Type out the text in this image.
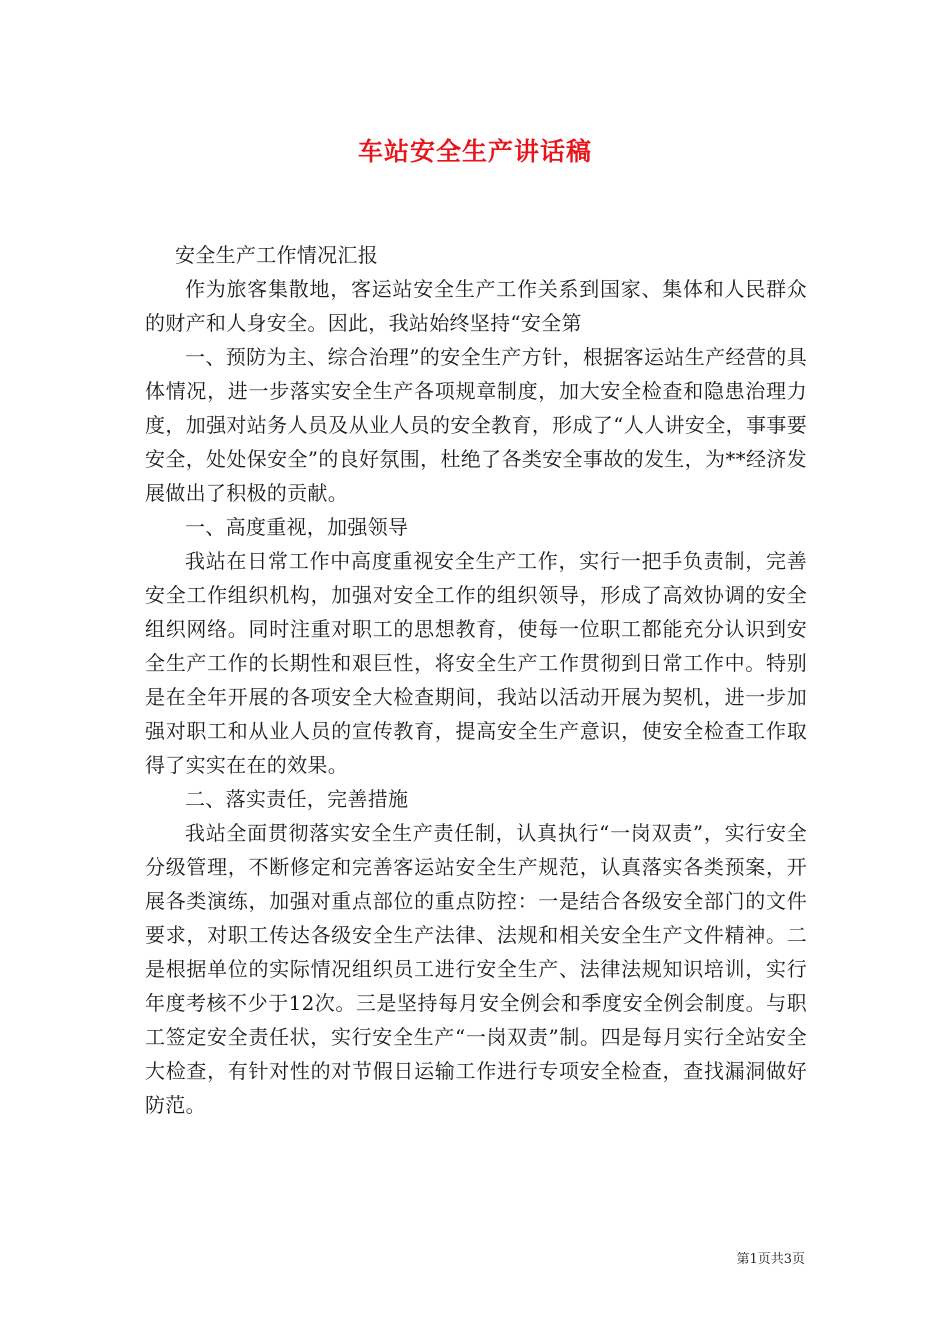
车站安全生产讲话稿

安全生产工作情况汇报

作为旅客集散地，客运站安全生产工作关系到国家、集体和人民群众的财产和人身安全。因此，我站始终坚持“安全第

一、预防为主、综合治理”的安全生产方针，根据客运站生产经营的具体情况，进一步落实安全生产各项规章制度，加大安全检查和隐患治理力度，加强对站务人员及从业人员的安全教育，形成了“人人讲安全，事事要安全，处处保安全”的良好氛围，杜绝了各类安全事故的发生，为**经济发展做出了积极的贡献。

一、高度重视，加强领导

我站在日常工作中高度重视安全生产工作，实行一把手负责制，完善安全工作组织机构，加强对安全工作的组织领导，形成了高效协调的安全组织网络。同时注重对职工的思想教育，使每一位职工都能充分认识到安全生产工作的长期性和艰巨性，将安全生产工作贯彻到日常工作中。特别是在全年开展的各项安全大检查期间，我站以活动开展为契机，进一步加强对职工和从业人员的宣传教育，提高安全生产意识，使安全检查工作取得了实实在在的效果。

二、落实责任，完善措施

我站全面贯彻落实安全生产责任制，认真执行“一岗双责”，实行安全分级管理，不断修定和完善客运站安全生产规范，认真落实各类预案，开展各类演练，加强对重点部位的重点防控：一是结合各级安全部门的文件要求，对职工传达各级安全生产法律、法规和相关安全生产文件精神。二是根据单位的实际情况组织员工进行安全生产、法律法规知识培训，实行年度考核不少于12次。三是坚持每月安全例会和季度安全例会制度。与职工签定安全责任状，实行安全生产“一岗双责”制。四是每月实行全站安全大检查，有针对性的对节假日运输工作进行专项安全检查，查找漏洞做好防范。

第1页共3页
